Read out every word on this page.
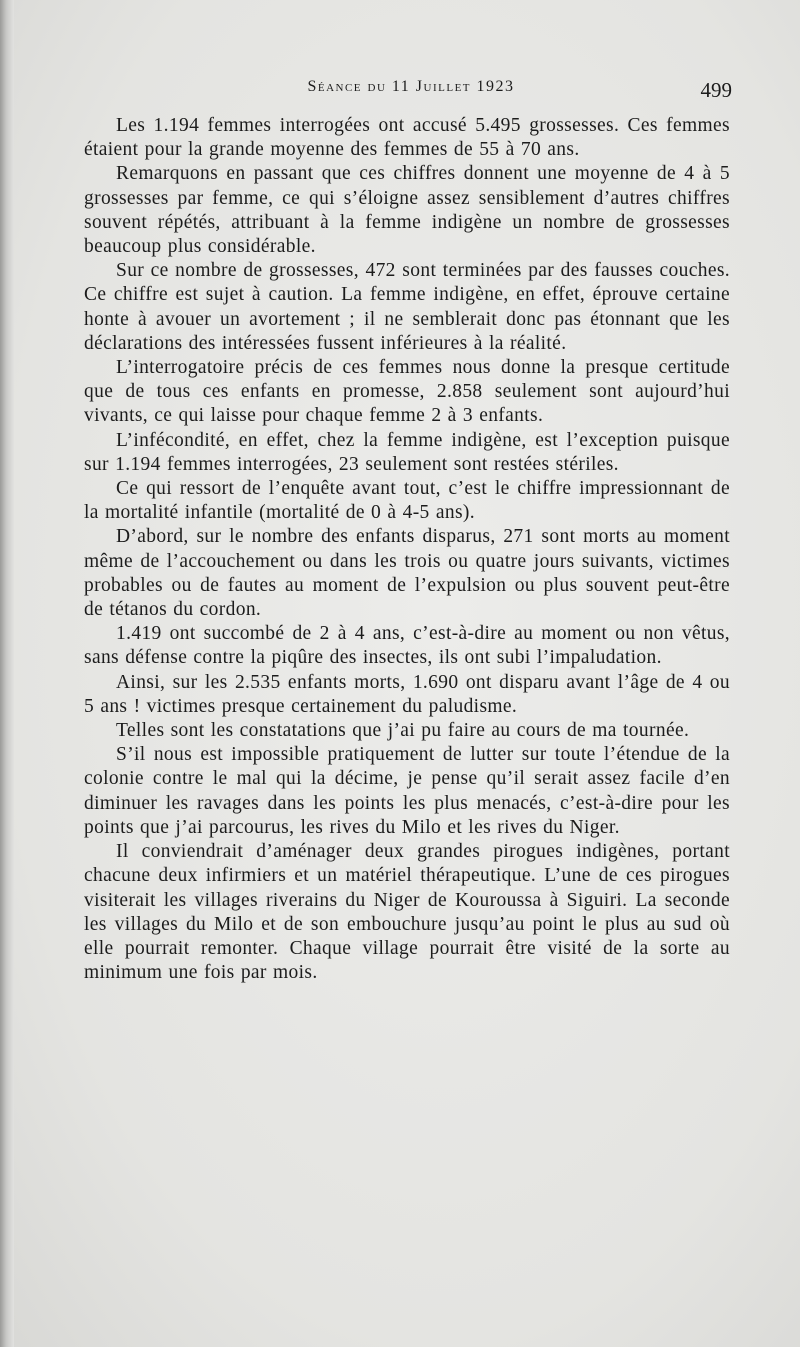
Séance du 11 Juillet 1923	499

Les 1.194 femmes interrogées ont accusé 5.495 grossesses. Ces femmes étaient pour la grande moyenne des femmes de 55 à 70 ans.

Remarquons en passant que ces chiffres donnent une moyenne de 4 à 5 grossesses par femme, ce qui s’éloigne assez sensiblement d’autres chiffres souvent répétés, attribuant à la femme indigène un nombre de grossesses beaucoup plus considérable.

Sur ce nombre de grossesses, 472 sont terminées par des fausses couches. Ce chiffre est sujet à caution. La femme indigène, en effet, éprouve certaine honte à avouer un avortement ; il ne semblerait donc pas étonnant que les déclarations des intéressées fussent inférieures à la réalité.

L’interrogatoire précis de ces femmes nous donne la presque certitude que de tous ces enfants en promesse, 2.858 seulement sont aujourd’hui vivants, ce qui laisse pour chaque femme 2 à 3 enfants.

L’infécondité, en effet, chez la femme indigène, est l’exception puisque sur 1.194 femmes interrogées, 23 seulement sont restées stériles.

Ce qui ressort de l’enquête avant tout, c’est le chiffre impressionnant de la mortalité infantile (mortalité de 0 à 4-5 ans).

D’abord, sur le nombre des enfants disparus, 271 sont morts au moment même de l’accouchement ou dans les trois ou quatre jours suivants, victimes probables ou de fautes au moment de l’expulsion ou plus souvent peut-être de tétanos du cordon.

1.419 ont succombé de 2 à 4 ans, c’est-à-dire au moment ou non vêtus, sans défense contre la piqûre des insectes, ils ont subi l’impaludation.

Ainsi, sur les 2.535 enfants morts, 1.690 ont disparu avant l’âge de 4 ou 5 ans ! victimes presque certainement du paludisme.

Telles sont les constatations que j’ai pu faire au cours de ma tournée.

S’il nous est impossible pratiquement de lutter sur toute l’étendue de la colonie contre le mal qui la décime, je pense qu’il serait assez facile d’en diminuer les ravages dans les points les plus menacés, c’est-à-dire pour les points que j’ai parcourus, les rives du Milo et les rives du Niger.

Il conviendrait d’aménager deux grandes pirogues indigènes, portant chacune deux infirmiers et un matériel thérapeutique. L’une de ces pirogues visiterait les villages riverains du Niger de Kouroussa à Siguiri. La seconde les villages du Milo et de son embouchure jusqu’au point le plus au sud où elle pourrait remonter. Chaque village pourrait être visité de la sorte au minimum une fois par mois.
